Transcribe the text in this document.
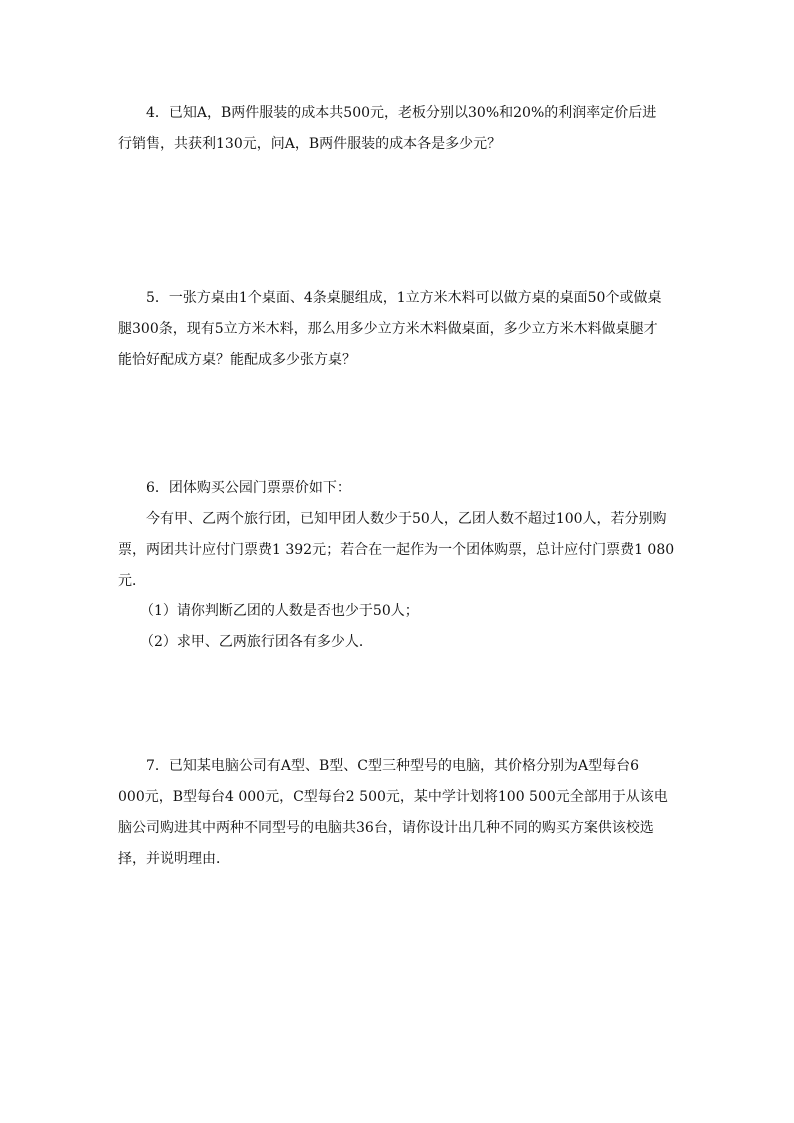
4．已知A，B两件服装的成本共500元，老板分别以30%和20%的利润率定价后进
行销售，共获利130元，问A，B两件服装的成本各是多少元？
5．一张方桌由1个桌面、4条桌腿组成，1立方米木料可以做方桌的桌面50个或做桌
腿300条，现有5立方米木料，那么用多少立方米木料做桌面，多少立方米木料做桌腿才
能恰好配成方桌？能配成多少张方桌？
6．团体购买公园门票票价如下：
今有甲、乙两个旅行团，已知甲团人数少于50人，乙团人数不超过100人，若分别购
票，两团共计应付门票费1 392元；若合在一起作为一个团体购票，总计应付门票费1 080
元．
（1）请你判断乙团的人数是否也少于50人；
（2）求甲、乙两旅行团各有多少人．
7．已知某电脑公司有A型、B型、C型三种型号的电脑，其价格分别为A型每台6
000元，B型每台4 000元，C型每台2 500元，某中学计划将100 500元全部用于从该电
脑公司购进其中两种不同型号的电脑共36台，请你设计出几种不同的购买方案供该校选
择，并说明理由．
